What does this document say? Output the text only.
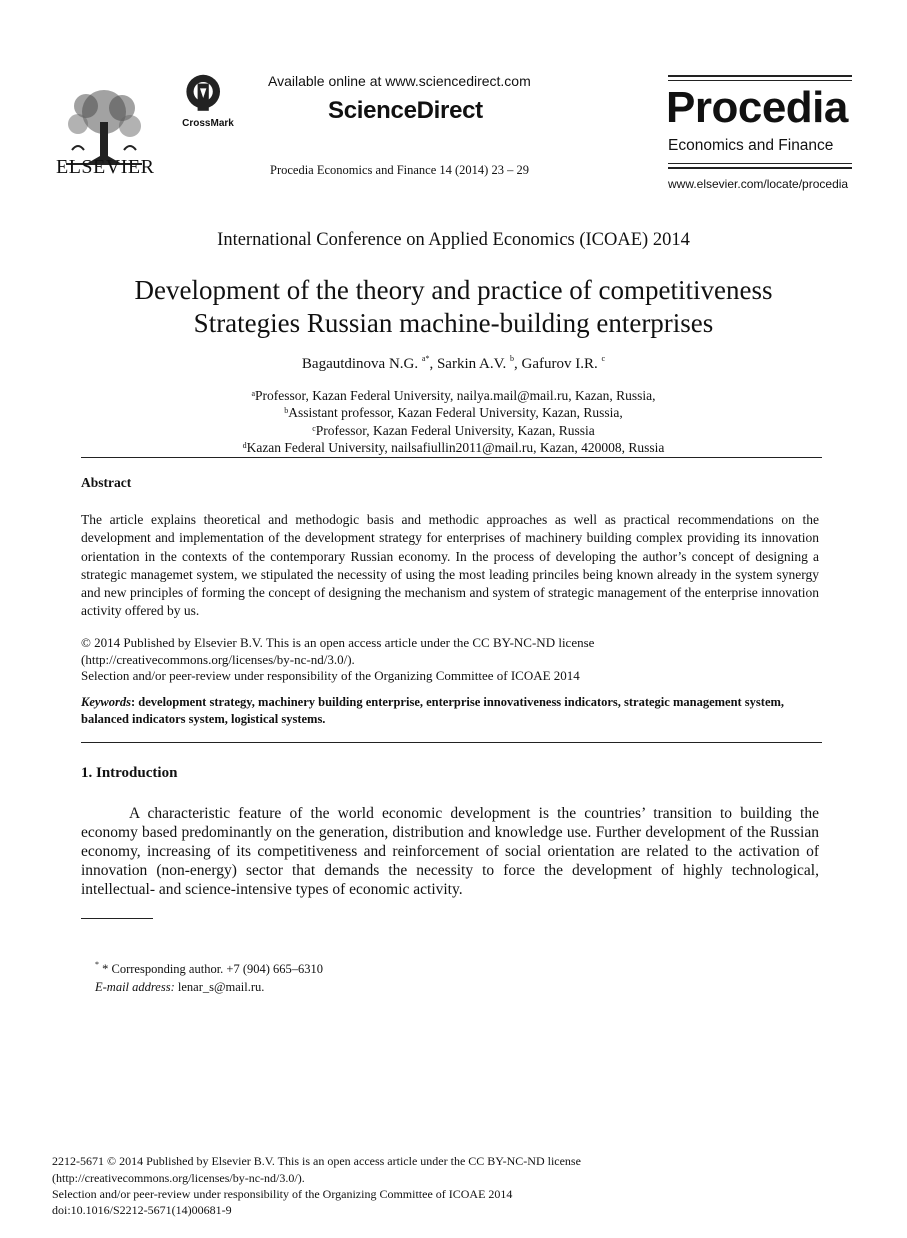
ELSEVIER
CrossMark
Available online at www.sciencedirect.com
ScienceDirect
Procedia Economics and Finance 14 (2014) 23 – 29
Procedia
Economics and Finance
www.elsevier.com/locate/procedia
International Conference on Applied Economics (ICOAE) 2014
Development of the theory and practice of competitiveness
Strategies Russian machine-building enterprises
Bagautdinova N.G. $^{a*}$, Sarkin A.V. $^b$, Gafurov I.R. $^c$
$^a$Professor, Kazan Federal University, nailya.mail@mail.ru, Kazan, Russia,
$^b$Assistant professor, Kazan Federal University, Kazan, Russia,
$^c$Professor, Kazan Federal University, Kazan, Russia
$^d$Kazan Federal University, nailsafiullin2011@mail.ru, Kazan, 420008, Russia
Abstract
The article explains theoretical and methodogic basis and methodic approaches as well as practical recommendations on the development and implementation of the development strategy for enterprises of machinery building complex providing its innovation orientation in the contexts of the contemporary Russian economy. In the process of developing the author’s concept of designing a strategic managemet system, we stipulated the necessity of using the most leading princiles being known already in the system synergy and new principles of forming the concept of designing the mechanism and system of strategic management of the enterprise innovation activity offered by us.
© 2014 Published by Elsevier B.V. This is an open access article under the CC BY-NC-ND license
(http://creativecommons.org/licenses/by-nc-nd/3.0/).
Selection and/or peer-review under responsibility of the Organizing Committee of ICOAE 2014
Keywords: development strategy, machinery building enterprise, enterprise innovativeness indicators, strategic management system, balanced indicators system, logistical systems.
1. Introduction
A characteristic feature of the world economic development is the countries’ transition to building the economy based predominantly on the generation, distribution and knowledge use. Further development of the Russian economy, increasing of its competitiveness and reinforcement of social orientation are related to the activation of innovation (non-energy) sector that demands the necessity to force the development of highly technological, intellectual- and science-intensive types of economic activity.
* * Corresponding author. +7 (904) 665–6310
E-mail address: lenar_s@mail.ru.
2212-5671 © 2014 Published by Elsevier B.V. This is an open access article under the CC BY-NC-ND license
(http://creativecommons.org/licenses/by-nc-nd/3.0/).
Selection and/or peer-review under responsibility of the Organizing Committee of ICOAE 2014
doi:10.1016/S2212-5671(14)00681-9
